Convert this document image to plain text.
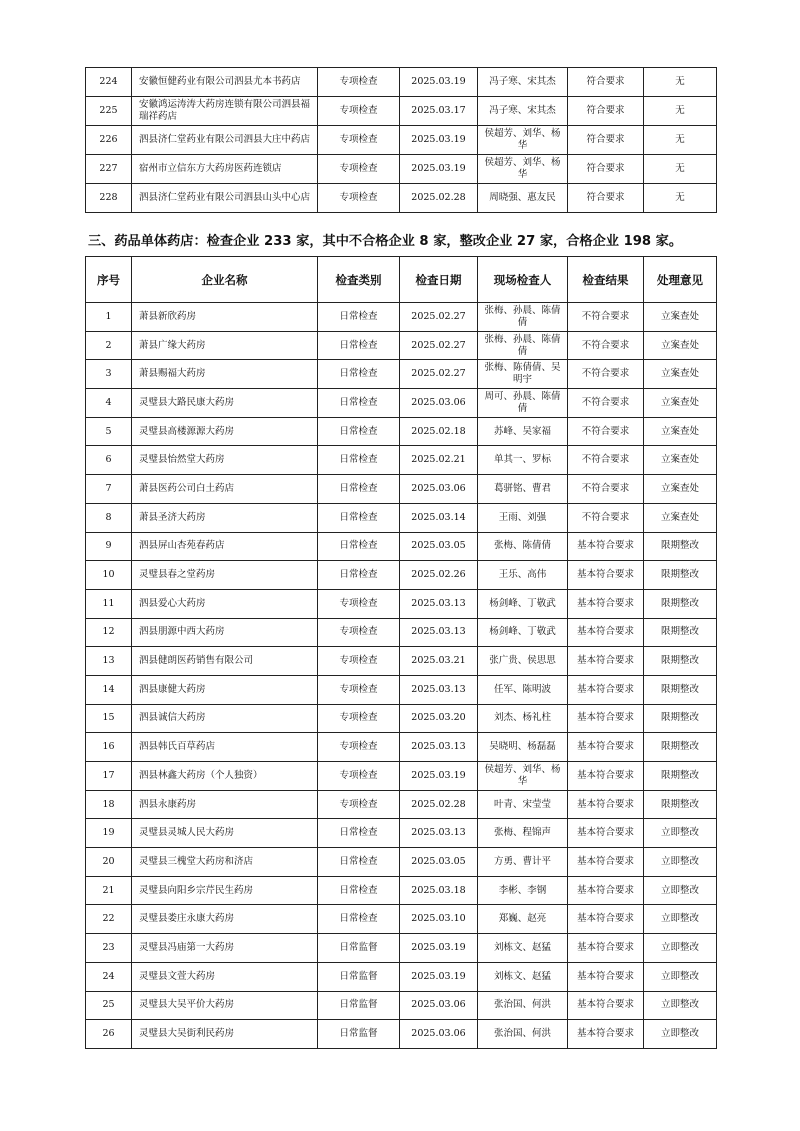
224	安徽恒健药业有限公司泗县尤本书药店	专项检查	2025.03.19	冯子寒、宋其杰	符合要求	无
225	安徽鸿运涛涛大药房连锁有限公司泗县福瑞祥药店	专项检查	2025.03.17	冯子寒、宋其杰	符合要求	无
226	泗县济仁堂药业有限公司泗县大庄中药店	专项检查	2025.03.19	侯超芳、刘华、杨华	符合要求	无
227	宿州市立信东方大药房医药连锁店	专项检查	2025.03.19	侯超芳、刘华、杨华	符合要求	无
228	泗县济仁堂药业有限公司泗县山头中心店	专项检查	2025.02.28	周晓强、惠友民	符合要求	无
三、药品单体药店：检查企业 233 家，其中不合格企业 8 家，整改企业 27 家，合格企业 198 家。
序号	企业名称	检查类别	检查日期	现场检查人	检查结果	处理意见
1	萧县新欣药房	日常检查	2025.02.27	张梅、孙晨、陈倩倩	不符合要求	立案查处
2	萧县广缘大药房	日常检查	2025.02.27	张梅、孙晨、陈倩倩	不符合要求	立案查处
3	萧县赐福大药房	日常检查	2025.02.27	张梅、陈倩倩、吴明宇	不符合要求	立案查处
4	灵璧县大路民康大药房	日常检查	2025.03.06	周可、孙晨、陈倩倩	不符合要求	立案查处
5	灵璧县高楼源源大药房	日常检查	2025.02.18	苏峰、吴家福	不符合要求	立案查处
6	灵璧县怡然堂大药房	日常检查	2025.02.21	单其一、罗标	不符合要求	立案查处
7	萧县医药公司白土药店	日常检查	2025.03.06	葛骈铭、曹君	不符合要求	立案查处
8	萧县圣济大药房	日常检查	2025.03.14	王雨、刘强	不符合要求	立案查处
9	泗县屏山杏苑春药店	日常检查	2025.03.05	张梅、陈倩倩	基本符合要求	限期整改
10	灵璧县春之堂药房	日常检查	2025.02.26	王乐、高伟	基本符合要求	限期整改
11	泗县爱心大药房	专项检查	2025.03.13	杨剑峰、丁敬武	基本符合要求	限期整改
12	泗县朋源中西大药房	专项检查	2025.03.13	杨剑峰、丁敬武	基本符合要求	限期整改
13	泗县健朗医药销售有限公司	专项检查	2025.03.21	张广贵、侯思思	基本符合要求	限期整改
14	泗县康健大药房	专项检查	2025.03.13	任军、陈明波	基本符合要求	限期整改
15	泗县诚信大药房	专项检查	2025.03.20	刘杰、杨礼柱	基本符合要求	限期整改
16	泗县韩氏百草药店	专项检查	2025.03.13	吴晓明、杨磊磊	基本符合要求	限期整改
17	泗县林鑫大药房（个人独资）	专项检查	2025.03.19	侯超芳、刘华、杨华	基本符合要求	限期整改
18	泗县永康药房	专项检查	2025.02.28	叶青、宋莹莹	基本符合要求	限期整改
19	灵璧县灵城人民大药房	日常检查	2025.03.13	张梅、程锦声	基本符合要求	立即整改
20	灵璧县三槐堂大药房和济店	日常检查	2025.03.05	方勇、曹计平	基本符合要求	立即整改
21	灵璧县向阳乡宗芹民生药房	日常检查	2025.03.18	李彬、李钢	基本符合要求	立即整改
22	灵璧县娄庄永康大药房	日常检查	2025.03.10	郑巍、赵亮	基本符合要求	立即整改
23	灵璧县冯庙第一大药房	日常监督	2025.03.19	刘栋文、赵猛	基本符合要求	立即整改
24	灵璧县文萱大药房	日常监督	2025.03.19	刘栋文、赵猛	基本符合要求	立即整改
25	灵璧县大吴平价大药房	日常监督	2025.03.06	张治国、何洪	基本符合要求	立即整改
26	灵璧县大吴街利民药房	日常监督	2025.03.06	张治国、何洪	基本符合要求	立即整改
